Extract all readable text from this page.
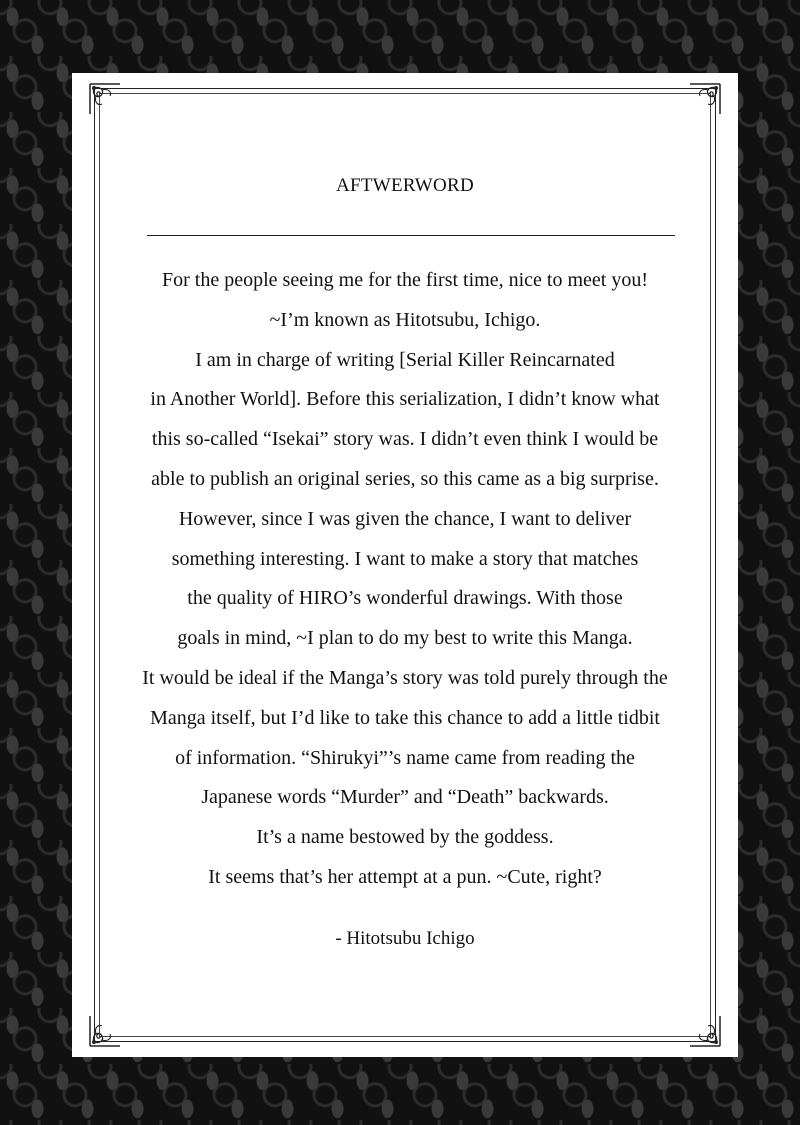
AFTWERWORD
For the people seeing me for the first time, nice to meet you!
~I’m known as Hitotsubu, Ichigo.
I am in charge of writing [Serial Killer Reincarnated
in Another World]. Before this serialization, I didn’t know what
this so-called “Isekai” story was. I didn’t even think I would be
able to publish an original series, so this came as a big surprise.
However, since I was given the chance, I want to deliver
something interesting. I want to make a story that matches
the quality of HIRO’s wonderful drawings. With those
goals in mind, ~I plan to do my best to write this Manga.
It would be ideal if the Manga’s story was told purely through the
Manga itself, but I’d like to take this chance to add a little tidbit
of information. “Shirukyi”’s name came from reading the
Japanese words “Murder” and “Death” backwards.
It’s a name bestowed by the goddess.
It seems that’s her attempt at a pun. ~Cute, right?
- Hitotsubu Ichigo
